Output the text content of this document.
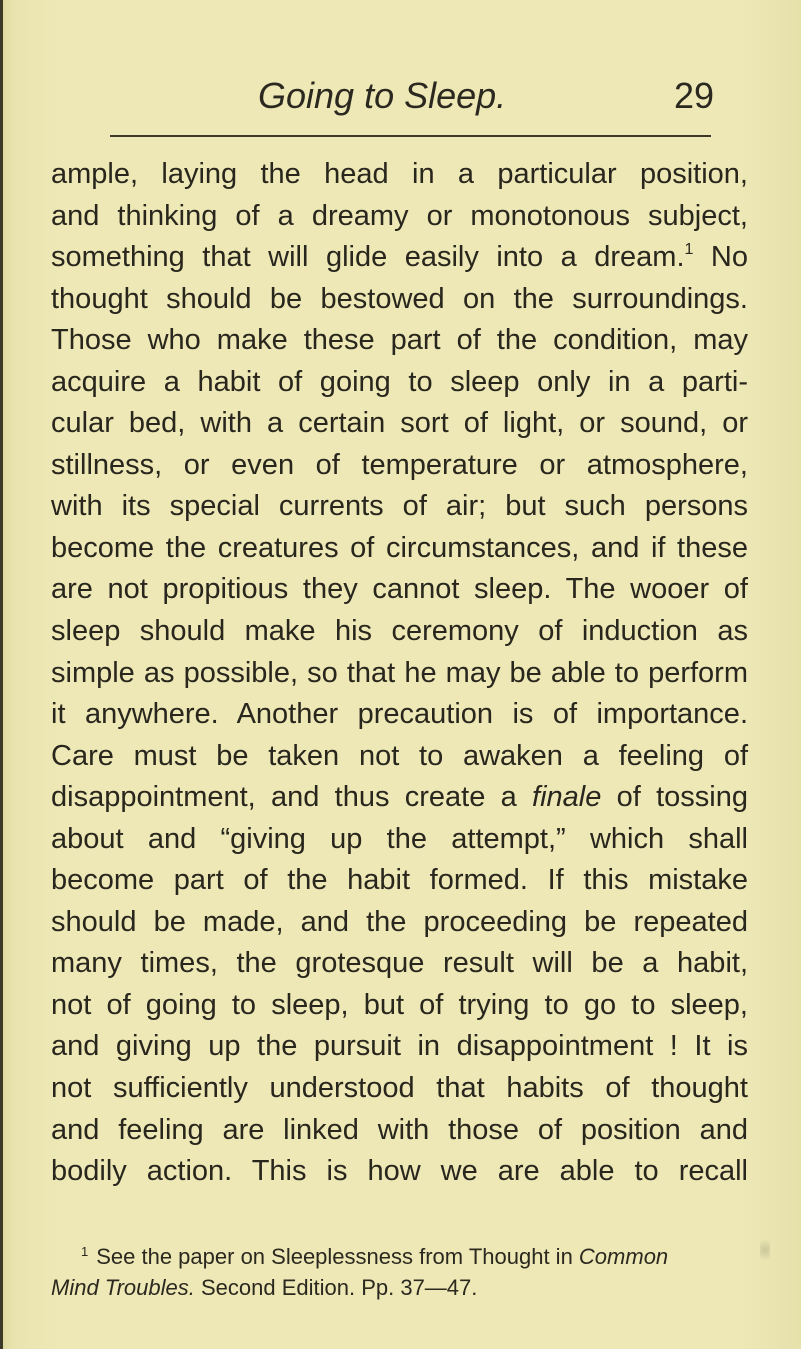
Going to Sleep.	29
ample, laying the head in a particular position,
and thinking of a dreamy or monotonous subject,
something that will glide easily into a dream.$^1$ No
thought should be bestowed on the surroundings.
Those who make these part of the condition, may
acquire a habit of going to sleep only in a parti-
cular bed, with a certain sort of light, or sound, or
stillness, or even of temperature or atmosphere,
with its special currents of air; but such persons
become the creatures of circumstances, and if these
are not propitious they cannot sleep. The wooer of
sleep should make his ceremony of induction as
simple as possible, so that he may be able to perform
it anywhere. Another precaution is of importance.
Care must be taken not to awaken a feeling of
disappointment, and thus create a finale of tossing
about and “giving up the attempt,” which shall
become part of the habit formed. If this mistake
should be made, and the proceeding be repeated
many times, the grotesque result will be a habit,
not of going to sleep, but of trying to go to sleep,
and giving up the pursuit in disappointment ! It is
not sufficiently understood that habits of thought
and feeling are linked with those of position and
bodily action. This is how we are able to recall
$^1$ See the paper on Sleeplessness from Thought in Common
Mind Troubles. Second Edition. Pp. 37—47.
